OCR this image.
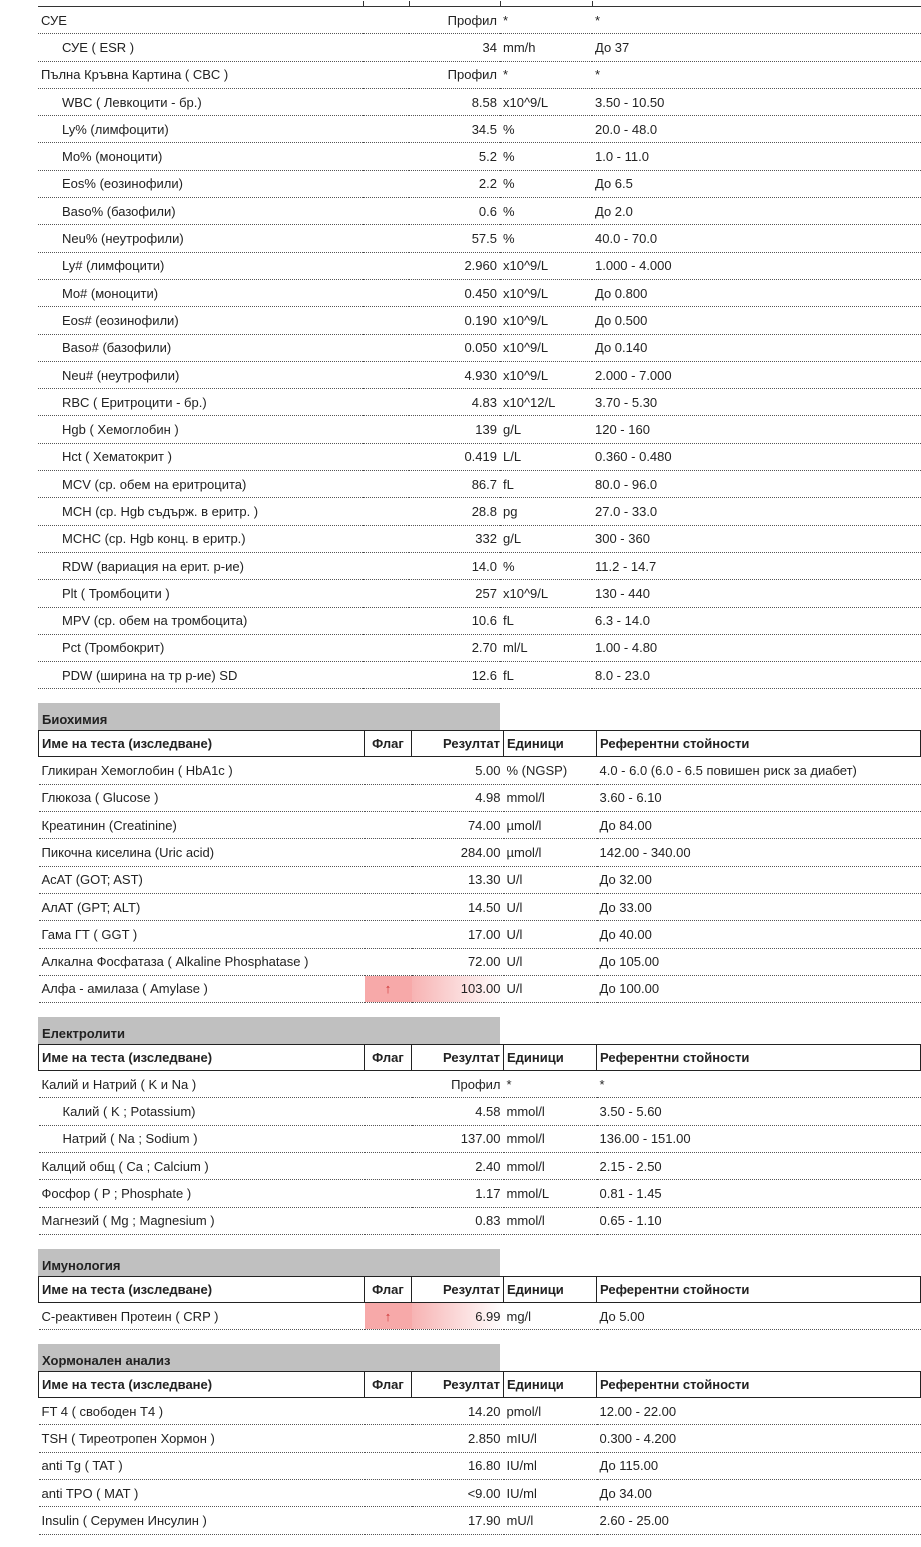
СУЕ		Профил	*	*
СУЕ ( ESR )		34	mm/h	До 37
Пълна Кръвна Картина ( CBC )		Профил	*	*
WBC ( Левкоцити - бр.)		8.58	x10^9/L	3.50 - 10.50
Ly% (лимфоцити)		34.5	%	20.0 - 48.0
Mo% (моноцити)		5.2	%	1.0 - 11.0
Eos% (еозинофили)		2.2	%	До 6.5
Baso% (базофили)		0.6	%	До 2.0
Neu% (неутрофили)		57.5	%	40.0 - 70.0
Ly# (лимфоцити)		2.960	x10^9/L	1.000 - 4.000
Mo# (моноцити)		0.450	x10^9/L	До 0.800
Eos# (еозинофили)		0.190	x10^9/L	До 0.500
Baso# (базофили)		0.050	x10^9/L	До 0.140
Neu# (неутрофили)		4.930	x10^9/L	2.000 - 7.000
RBC ( Еритроцити - бр.)		4.83	x10^12/L	3.70 - 5.30
Hgb ( Хемоглобин )		139	g/L	120 - 160
Hct ( Хематокрит )		0.419	L/L	0.360 - 0.480
MCV (ср. обем на еритроцита)		86.7	fL	80.0 - 96.0
MCH (ср. Hgb съдърж. в еритр. )		28.8	pg	27.0 - 33.0
MCHC (ср. Hgb конц. в еритр.)		332	g/L	300 - 360
RDW (вариация на ерит. р-ие)		14.0	%	11.2 - 14.7
Plt ( Тромбоцити )		257	x10^9/L	130 - 440
MPV (ср. обем на тромбоцита)		10.6	fL	6.3 - 14.0
Pct (Тромбокрит)		2.70	ml/L	1.00 - 4.80
PDW (ширина на тр р-ие) SD		12.6	fL	8.0 - 23.0
Биохимия
Име на теста (изследване)	Флаг	Резултат	Единици	Референтни стойности
Гликиран Хемоглобин ( HbA1c )		5.00	% (NGSP)	4.0 - 6.0 (6.0 - 6.5 повишен риск за диабет)
Глюкоза ( Glucose )		4.98	mmol/l	3.60 - 6.10
Креатинин (Creatinine)		74.00	µmol/l	До 84.00
Пикочна киселина (Uric acid)		284.00	µmol/l	142.00 - 340.00
AcAT (GOT; AST)		13.30	U/l	До 32.00
АлАТ (GPT; ALT)		14.50	U/l	До 33.00
Гама ГТ ( GGT )		17.00	U/l	До 40.00
Алкална Фосфатаза ( Alkaline Phosphatase )		72.00	U/l	До 105.00
Алфа - амилаза ( Amylase )	↑	103.00	U/l	До 100.00
Електролити
Име на теста (изследване)	Флаг	Резултат	Единици	Референтни стойности
Калий и Натрий ( K и Na )		Профил	*	*
Калий ( K ; Potassium)		4.58	mmol/l	3.50 - 5.60
Натрий ( Na ; Sodium )		137.00	mmol/l	136.00 - 151.00
Калций общ ( Ca ; Calcium )		2.40	mmol/l	2.15 - 2.50
Фосфор ( P ; Phosphate )		1.17	mmol/L	0.81 - 1.45
Магнезий ( Mg ; Magnesium )		0.83	mmol/l	0.65 - 1.10
Имунология
Име на теста (изследване)	Флаг	Резултат	Единици	Референтни стойности
C-реактивен Протеин ( CRP )	↑	6.99	mg/l	До 5.00
Хормонален анализ
Име на теста (изследване)	Флаг	Резултат	Единици	Референтни стойности
FT 4 ( свободен T4 )		14.20	pmol/l	12.00 - 22.00
TSH ( Тиреотропен Хормон )		2.850	mIU/l	0.300 - 4.200
anti Tg ( TAT )		16.80	IU/ml	До 115.00
anti TPO ( MAT )		<9.00	IU/ml	До 34.00
Insulin ( Серумен Инсулин )		17.90	mU/l	2.60 - 25.00
